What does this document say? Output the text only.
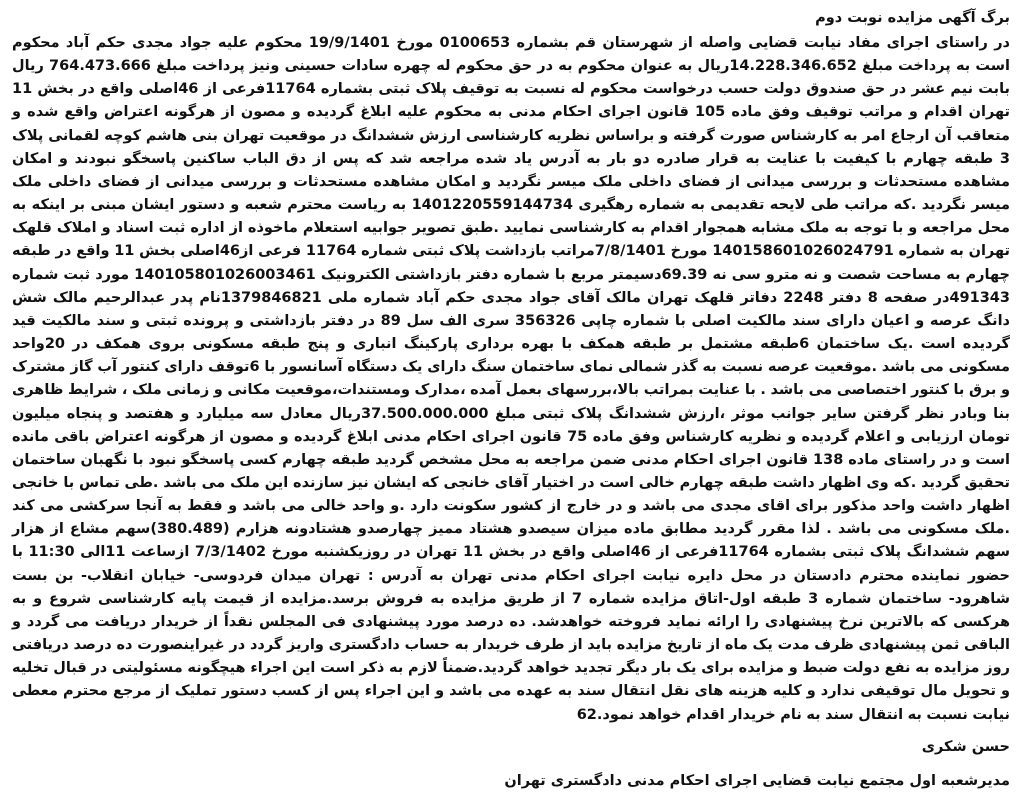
برگ آگهی مزایده نوبت دوم

در راستای اجرای مفاد نیابت قضایی واصله از شهرستان قم بشماره 0100653 مورخ 19/9/1401 محکوم علیه جواد مجدی حکم آباد محکوم است به پرداخت مبلغ 14.228.346.652ریال به عنوان محکوم به در حق محکوم له چهره سادات حسینی ونیز پرداخت مبلغ 764.473.666 ریال بابت نیم عشر در حق صندوق دولت حسب درخواست محکوم له نسبت به توقیف پلاک ثبتی بشماره 11764فرعی از 46اصلی واقع در بخش 11 تهران اقدام و مراتب توقیف وفق ماده 105 قانون اجرای احکام مدنی به محکوم علیه ابلاغ گردیده و مصون از هرگونه اعتراض واقع شده و متعاقب آن ارجاع امر به کارشناس صورت گرفته و براساس نظریه کارشناسی ارزش ششدانگ در موقعیت تهران بنی هاشم کوچه لقمانی پلاک 3 طبقه چهارم با کیفیت با عنایت به قرار صادره دو بار به آدرس یاد شده مراجعه شد که پس از دق الباب ساکنین پاسخگو نبودند و امکان مشاهده مستحدثات و بررسی میدانی از فضای داخلی ملک میسر نگردید و امکان مشاهده مستحدثات و بررسی میدانی از فضای داخلی ملک میسر نگردید .که مراتب طی لایحه تقدیمی به شماره رهگیری 1401220559144734 به ریاست محترم شعبه و دستور ایشان مبنی بر اینکه به محل مراجعه و با توجه به ملک مشابه همجوار اقدام به کارشناسی نمایید .طبق تصویر جوابیه استعلام ماخوذه از اداره ثبت اسناد و املاک قلهک تهران به شماره 140158601026024791 مورخ 7/8/1401مراتب بازداشت پلاک ثبتی شماره 11764 فرعی از46اصلی بخش 11 واقع در طبقه چهارم به مساحت شصت و نه مترو سی نه 69.39دسیمتر مربع با شماره دفتر بازداشتی الکترونیک 140105801026003461 مورد ثبت شماره 491343در صفحه 8 دفتر 2248 دفاتر قلهک تهران مالک آقای جواد مجدی حکم آباد شماره ملی 1379846821نام پدر عبدالرحیم مالک شش دانگ عرصه و اعیان دارای سند مالکیت اصلی با شماره چاپی 356326 سری الف سل 89 در دفتر بازداشتی و پرونده ثبتی و سند مالکیت قید گردیده است .یک ساختمان 6طبقه مشتمل بر طبقه همکف با بهره برداری پارکینگ انباری و پنج طبقه مسکونی بروی همکف در 20واحد مسکونی می باشد .موقعیت عرصه نسبت به گذر شمالی نمای ساختمان سنگ دارای یک دستگاه آسانسور با 6توقف دارای کنتور آب گاز مشترک و برق با کنتور اختصاصی می باشد . با عنایت بمراتب بالا،بررسهای بعمل آمده ،مدارک ومستندات،موقعیت مکانی و زمانی ملک ، شرایط ظاهری بنا وبادر نظر گرفتن سایر جوانب موثر ،ارزش ششدانگ پلاک ثبتی مبلغ 37.500.000.000ریال معادل سه میلیارد و هفتصد و پنجاه میلیون تومان ارزیابی و اعلام گردیده و نظریه کارشناس وفق ماده 75 قانون اجرای احکام مدنی ابلاغ گردیده و مصون از هرگونه اعتراض باقی مانده است و در راستای ماده 138 قانون اجرای احکام مدنی ضمن مراجعه به محل مشخص گردید طبقه چهارم کسی پاسخگو نبود با نگهبان ساختمان تحقیق گردید .که وی اظهار داشت طبقه چهارم خالی است در اختیار آقای خانجی که ایشان نیز سازنده این ملک می باشد .طی تماس با خانجی اظهار داشت واحد مذکور برای اقای مجدی می باشد و در خارج از کشور سکونت دارد .و واحد خالی می باشد و فقط به آنجا سرکشی می کند .ملک مسکونی می باشد . لذا مقرر گردید مطابق ماده میزان سیصدو هشتاد ممیز چهارصدو هشتادونه هزارم (380.489)سهم مشاع از هزار سهم ششدانگ پلاک ثبتی بشماره 11764فرعی از 46اصلی واقع در بخش 11 تهران در روزیکشنبه مورخ 7/3/1402 ازساعت 11الی 11:30 با حضور نماینده محترم دادستان در محل دایره نیابت اجرای احکام مدنی تهران به آدرس : تهران میدان فردوسی- خیابان انقلاب- بن بست شاهرود- ساختمان شماره 3 طبقه اول-اتاق مزایده شماره 7 از طریق مزایده به فروش برسد.مزایده از قیمت پایه کارشناسی شروع و به هرکسی که بالاترین نرخ پیشنهادی را ارائه نماید فروخته خواهدشد. ده درصد مورد پیشنهادی فی المجلس نقداً از خریدار دریافت می گردد و الباقی ثمن پیشنهادی ظرف مدت یک ماه از تاریخ مزایده باید از طرف خریدار به حساب دادگستری واریز گردد در غیراینصورت ده درصد دریافتی روز مزایده به نفع دولت ضبط و مزایده برای یک بار دیگر تجدید خواهد گردید.ضمناً لازم به ذکر است این اجراء هیچگونه مسئولیتی در قبال تخلیه و تحویل مال توقیفی ندارد و کلیه هزینه های نقل انتقال سند به عهده می باشد و این اجراء پس از کسب دستور تملیک از مرجع محترم معطی نیابت نسبت به انتقال سند به نام خریدار اقدام خواهد نمود.62

حسن شکری

مدیرشعبه اول مجتمع نیابت قضایی اجرای احکام مدنی دادگستری تهران
